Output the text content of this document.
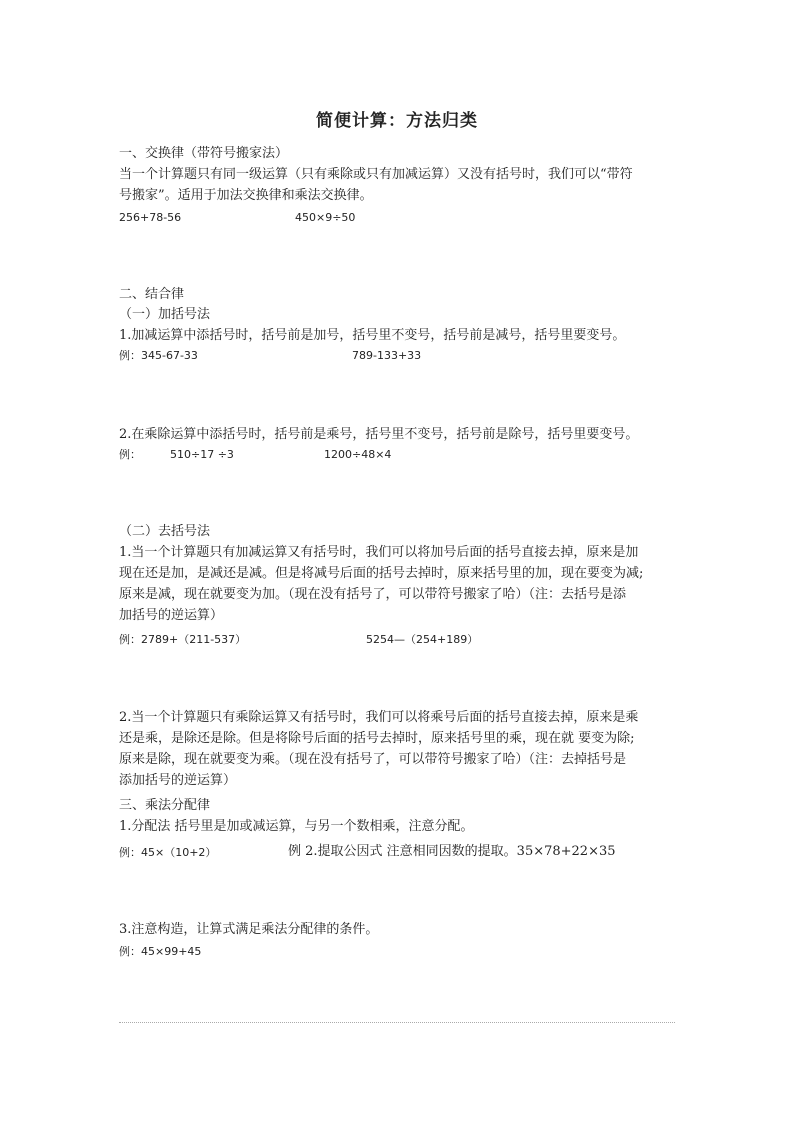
简便计算：方法归类
一、交换律（带符号搬家法）
当一个计算题只有同一级运算（只有乘除或只有加减运算）又没有括号时，我们可以“带符
号搬家”。适用于加法交换律和乘法交换律。
256+78-56	450×9÷50
二、结合律
（一）加括号法
1.加减运算中添括号时，括号前是加号，括号里不变号，括号前是减号，括号里要变号。
例：345-67-33	789-133+33
2.在乘除运算中添括号时，括号前是乘号，括号里不变号，括号前是除号，括号里要变号。
例：	510÷17 ÷3	1200÷48×4
（二）去括号法
1.当一个计算题只有加减运算又有括号时，我们可以将加号后面的括号直接去掉，原来是加
现在还是加，是减还是减。但是将减号后面的括号去掉时，原来括号里的加，现在要变为减;
原来是减，现在就要变为加。（现在没有括号了，可以带符号搬家了哈）（注：去括号是添
加括号的逆运算）
例：2789+（211-537）	5254—（254+189）
2.当一个计算题只有乘除运算又有括号时，我们可以将乘号后面的括号直接去掉，原来是乘
还是乘，是除还是除。但是将除号后面的括号去掉时，原来括号里的乘，现在就 要变为除;
原来是除，现在就要变为乘。（现在没有括号了，可以带符号搬家了哈）（注：去掉括号是
添加括号的逆运算）
三、乘法分配律
1.分配法 括号里是加或减运算，与另一个数相乘，注意分配。
例：45×（10+2）	例 2.提取公因式 注意相同因数的提取。35×78+22×35
3.注意构造，让算式满足乘法分配律的条件。
例：45×99+45
